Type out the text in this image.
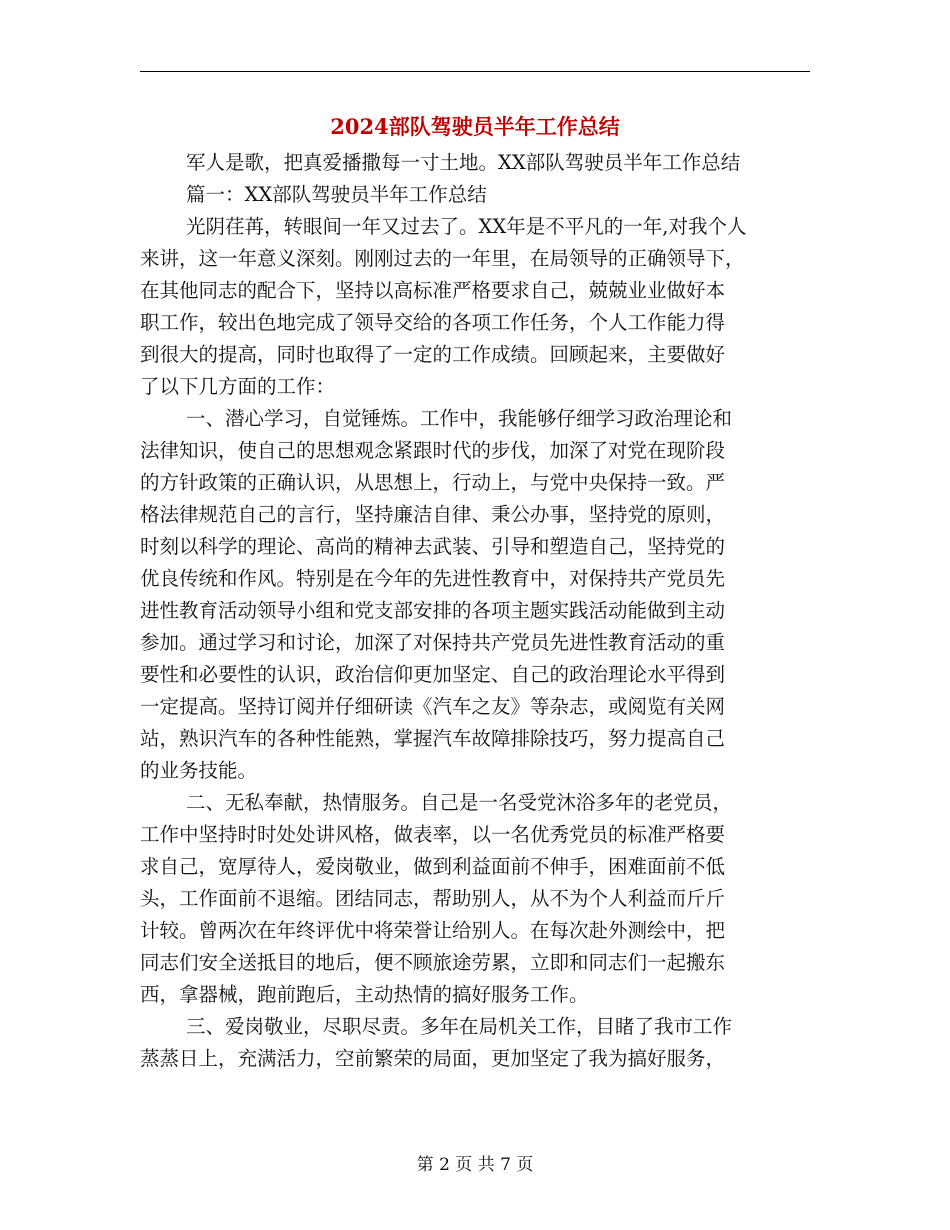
2024部队驾驶员半年工作总结
军人是歌，把真爱播撒每一寸土地。XX部队驾驶员半年工作总结
篇一：XX部队驾驶员半年工作总结
光阴荏苒，转眼间一年又过去了。XX年是不平凡的一年,对我个人
来讲，这一年意义深刻。刚刚过去的一年里，在局领导的正确领导下，
在其他同志的配合下，坚持以高标准严格要求自己，兢兢业业做好本
职工作，较出色地完成了领导交给的各项工作任务，个人工作能力得
到很大的提高，同时也取得了一定的工作成绩。回顾起来，主要做好
了以下几方面的工作：
一、潜心学习，自觉锤炼。工作中，我能够仔细学习政治理论和
法律知识，使自己的思想观念紧跟时代的步伐，加深了对党在现阶段
的方针政策的正确认识，从思想上，行动上，与党中央保持一致。严
格法律规范自己的言行，坚持廉洁自律、秉公办事，坚持党的原则，
时刻以科学的理论、高尚的精神去武装、引导和塑造自己，坚持党的
优良传统和作风。特别是在今年的先进性教育中，对保持共产党员先
进性教育活动领导小组和党支部安排的各项主题实践活动能做到主动
参加。通过学习和讨论，加深了对保持共产党员先进性教育活动的重
要性和必要性的认识，政治信仰更加坚定、自己的政治理论水平得到
一定提高。坚持订阅并仔细研读《汽车之友》等杂志，或阅览有关网
站，熟识汽车的各种性能熟，掌握汽车故障排除技巧，努力提高自己
的业务技能。
二、无私奉献，热情服务。自己是一名受党沐浴多年的老党员，
工作中坚持时时处处讲风格，做表率，以一名优秀党员的标准严格要
求自己，宽厚待人，爱岗敬业，做到利益面前不伸手，困难面前不低
头，工作面前不退缩。团结同志，帮助别人，从不为个人利益而斤斤
计较。曾两次在年终评优中将荣誉让给别人。在每次赴外测绘中，把
同志们安全送抵目的地后，便不顾旅途劳累，立即和同志们一起搬东
西，拿器械，跑前跑后，主动热情的搞好服务工作。
三、爱岗敬业，尽职尽责。多年在局机关工作，目睹了我市工作
蒸蒸日上，充满活力，空前繁荣的局面，更加坚定了我为搞好服务，
第 2 页 共 7 页
